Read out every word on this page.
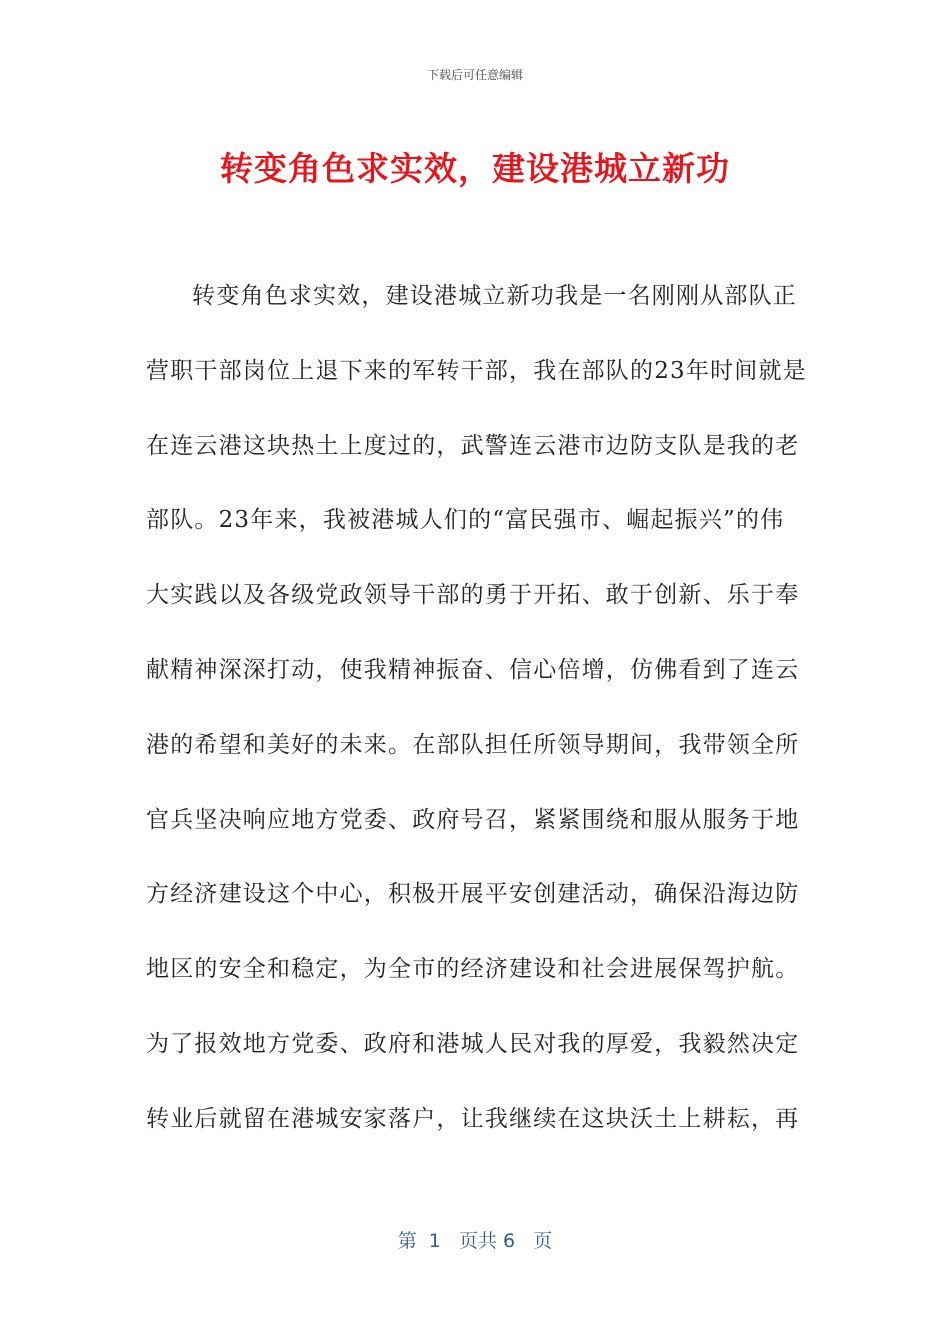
下载后可任意编辑
转变角色求实效，建设港城立新功
转变角色求实效，建设港城立新功我是一名刚刚从部队正
营职干部岗位上退下来的军转干部，我在部队的23年时间就是
在连云港这块热土上度过的，武警连云港市边防支队是我的老
部队。23年来，我被港城人们的“富民强市、崛起振兴”的伟
大实践以及各级党政领导干部的勇于开拓、敢于创新、乐于奉
献精神深深打动，使我精神振奋、信心倍增，仿佛看到了连云
港的希望和美好的未来。在部队担任所领导期间，我带领全所
官兵坚决响应地方党委、政府号召，紧紧围绕和服从服务于地
方经济建设这个中心，积极开展平安创建活动，确保沿海边防
地区的安全和稳定，为全市的经济建设和社会进展保驾护航。
为了报效地方党委、政府和港城人民对我的厚爱，我毅然决定
转业后就留在港城安家落户，让我继续在这块沃土上耕耘，再
第  1   页共 6   页
